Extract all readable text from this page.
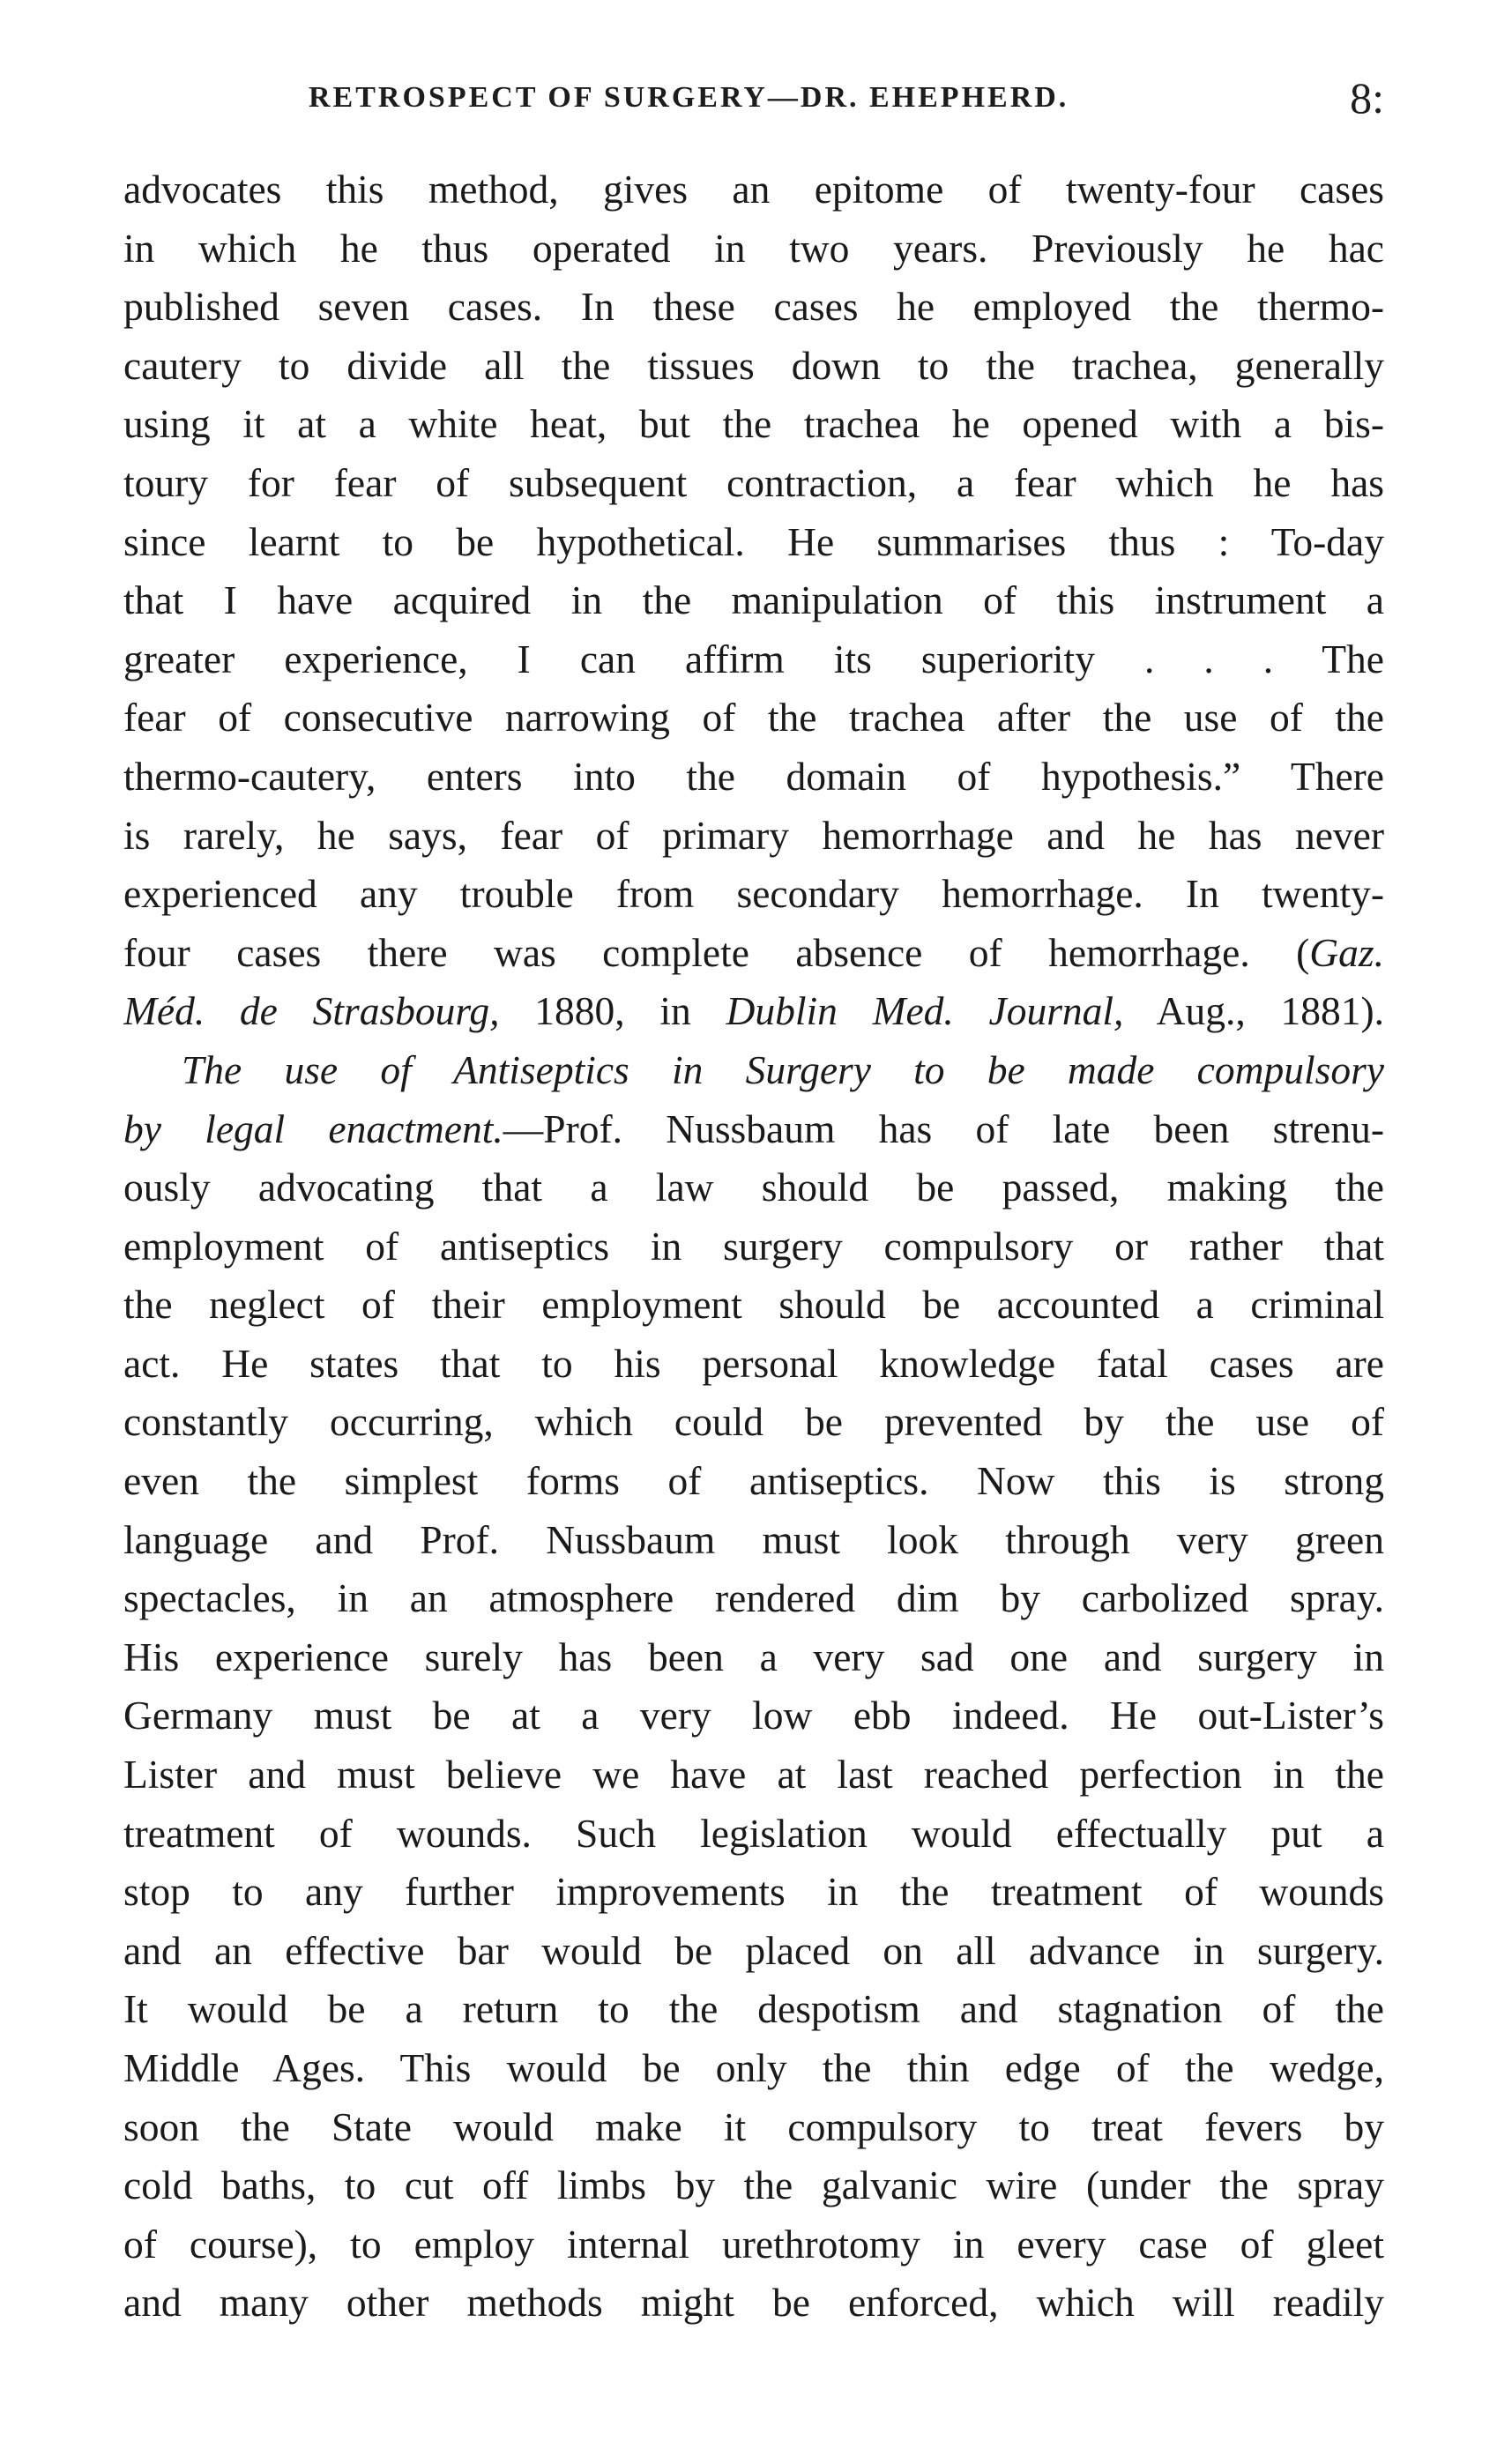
RETROSPECT OF SURGERY—DR. EHEPHERD.	8:
advocates this method, gives an epitome of twenty-four cases
in which he thus operated in two years. Previously he hac
published seven cases. In these cases he employed the thermo-
cautery to divide all the tissues down to the trachea, generally
using it at a white heat, but the trachea he opened with a bis-
toury for fear of subsequent contraction, a fear which he has
since learnt to be hypothetical. He summarises thus : To-day
that I have acquired in the manipulation of this instrument a
greater experience, I can affirm its superiority . . . The
fear of consecutive narrowing of the trachea after the use of the
thermo-cautery, enters into the domain of hypothesis.” There
is rarely, he says, fear of primary hemorrhage and he has never
experienced any trouble from secondary hemorrhage. In twenty-
four cases there was complete absence of hemorrhage. (Gaz.
Méd. de Strasbourg, 1880, in Dublin Med. Journal, Aug., 1881).
The use of Antiseptics in Surgery to be made compulsory
by legal enactment.—Prof. Nussbaum has of late been strenu-
ously advocating that a law should be passed, making the
employment of antiseptics in surgery compulsory or rather that
the neglect of their employment should be accounted a criminal
act. He states that to his personal knowledge fatal cases are
constantly occurring, which could be prevented by the use of
even the simplest forms of antiseptics. Now this is strong
language and Prof. Nussbaum must look through very green
spectacles, in an atmosphere rendered dim by carbolized spray.
His experience surely has been a very sad one and surgery in
Germany must be at a very low ebb indeed. He out-Lister’s
Lister and must believe we have at last reached perfection in the
treatment of wounds. Such legislation would effectually put a
stop to any further improvements in the treatment of wounds
and an effective bar would be placed on all advance in surgery.
It would be a return to the despotism and stagnation of the
Middle Ages. This would be only the thin edge of the wedge,
soon the State would make it compulsory to treat fevers by
cold baths, to cut off limbs by the galvanic wire (under the spray
of course), to employ internal urethrotomy in every case of gleet
and many other methods might be enforced, which will readily
